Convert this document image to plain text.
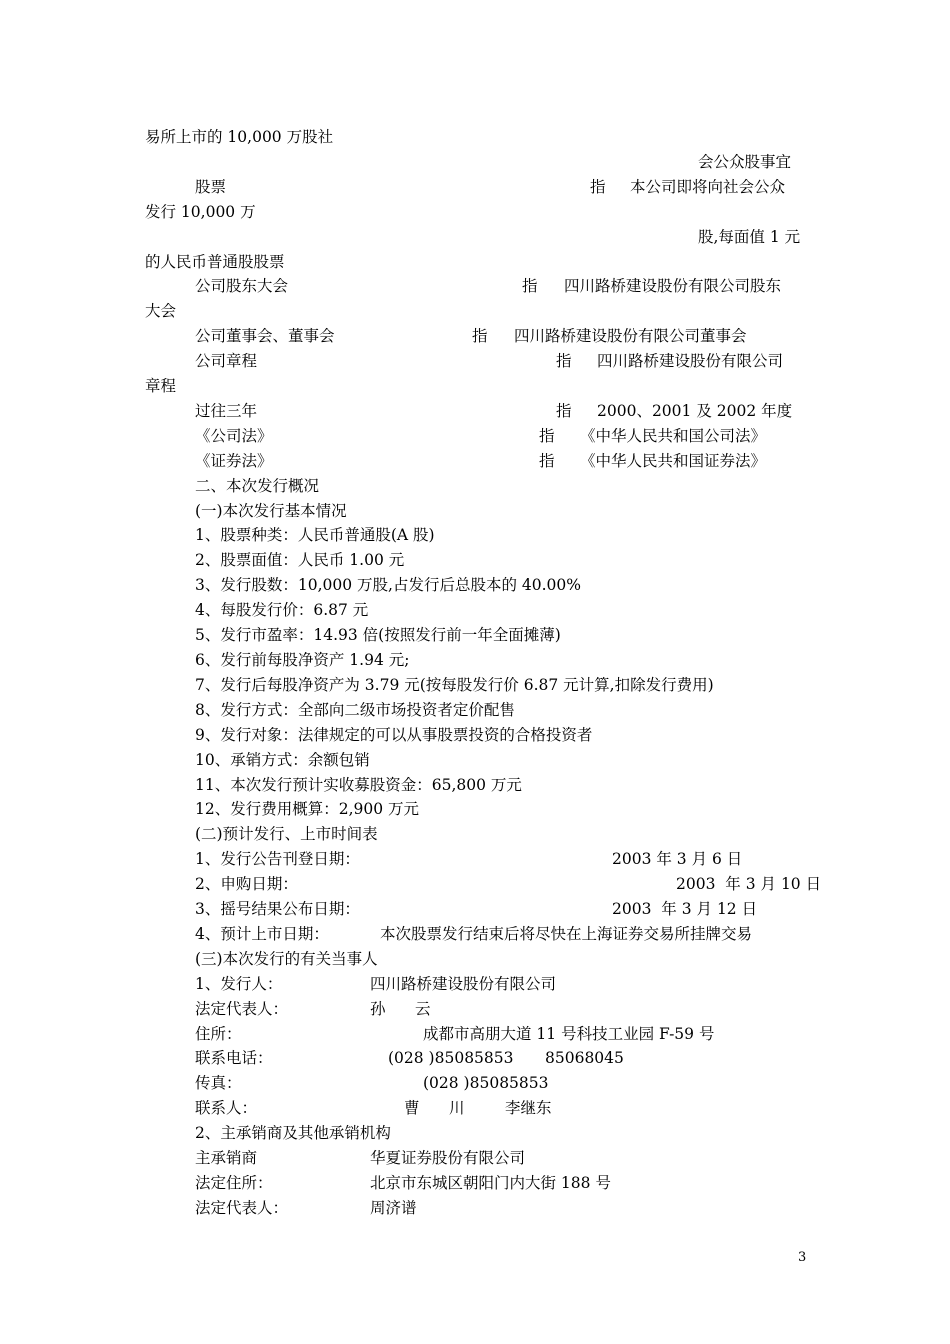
易所上市的 10,000 万股社
会公众股事宜
股票	指 本公司即将向社会公众
发行 10,000 万
股,每面值 1 元
的人民币普通股股票
公司股东大会	指 四川路桥建设股份有限公司股东
大会
公司董事会、董事会	指 四川路桥建设股份有限公司董事会
公司章程	指 四川路桥建设股份有限公司
章程
过往三年	指 2000、2001 及 2002 年度
《公司法》	指 《中华人民共和国公司法》
《证券法》	指 《中华人民共和国证券法》
二、本次发行概况
(一)本次发行基本情况
1、股票种类：人民币普通股(A 股)
2、股票面值：人民币 1.00 元
3、发行股数：10,000 万股,占发行后总股本的 40.00%
4、每股发行价：6.87 元
5、发行市盈率：14.93 倍(按照发行前一年全面摊薄)
6、发行前每股净资产 1.94 元;
7、发行后每股净资产为 3.79 元(按每股发行价 6.87 元计算,扣除发行费用)
8、发行方式：全部向二级市场投资者定价配售
9、发行对象：法律规定的可以从事股票投资的合格投资者
10、承销方式：余额包销
11、本次发行预计实收募股资金：65,800 万元
12、发行费用概算：2,900 万元
(二)预计发行、上市时间表
1、发行公告刊登日期：	2003 年 3 月 6 日
2、申购日期：	2003  年 3 月 10 日
3、摇号结果公布日期：	2003  年 3 月 12 日
4、预计上市日期：	本次股票发行结束后将尽快在上海证券交易所挂牌交易
(三)本次发行的有关当事人
1、发行人：	四川路桥建设股份有限公司
法定代表人：	孙      云
住所：	成都市高朋大道 11 号科技工业园 F-59 号
联系电话：	(028 )85085853 85068045
传真：	(028 )85085853
联系人：	曹      川	李继东
2、主承销商及其他承销机构
主承销商	华夏证券股份有限公司
法定住所：	北京市东城区朝阳门内大街 188 号
法定代表人：	周济谱
3
